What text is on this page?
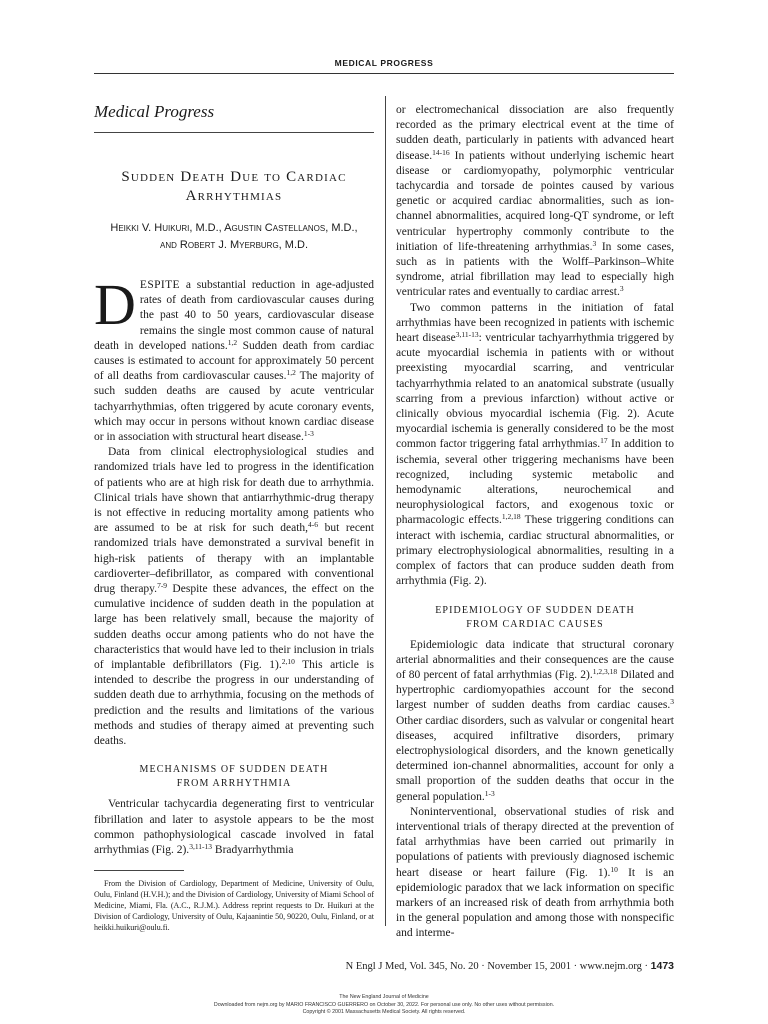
MEDICAL PROGRESS
Medical Progress
Sudden Death Due to Cardiac
Arrhythmias
Heikki V. Huikuri, M.D., Agustin Castellanos, M.D.,
and Robert J. Myerburg, M.D.

DESPITE a substantial reduction in age-adjusted rates of death from cardiovascular causes during the past 40 to 50 years, cardiovascular disease remains the single most common cause of natural death in developed nations.$^{1,2}$ Sudden death from cardiac causes is estimated to account for approximately 50 percent of all deaths from cardiovascular causes.$^{1,2}$ The majority of such sudden deaths are caused by acute ventricular tachyarrhythmias, often triggered by acute coronary events, which may occur in persons without known cardiac disease or in association with structural heart disease.$^{1-3}$

Data from clinical electrophysiological studies and randomized trials have led to progress in the identification of patients who are at high risk for death due to arrhythmia. Clinical trials have shown that antiarrhythmic-drug therapy is not effective in reducing mortality among patients who are assumed to be at risk for such death,$^{4-6}$ but recent randomized trials have demonstrated a survival benefit in high-risk patients of therapy with an implantable cardioverter–defibrillator, as compared with conventional drug therapy.$^{7-9}$ Despite these advances, the effect on the cumulative incidence of sudden death in the population at large has been relatively small, because the majority of sudden deaths occur among patients who do not have the characteristics that would have led to their inclusion in trials of implantable defibrillators (Fig. 1).$^{2,10}$ This article is intended to describe the progress in our understanding of sudden death due to arrhythmia, focusing on the methods of prediction and the results and limitations of the various methods and studies of therapy aimed at preventing such deaths.

MECHANISMS OF SUDDEN DEATH
FROM ARRHYTHMIA

Ventricular tachycardia degenerating first to ventricular fibrillation and later to asystole appears to be the most common pathophysiological cascade involved in fatal arrhythmias (Fig. 2).$^{3,11-13}$ Bradyarrhythmia

From the Division of Cardiology, Department of Medicine, University of Oulu, Oulu, Finland (H.V.H.); and the Division of Cardiology, University of Miami School of Medicine, Miami, Fla. (A.C., R.J.M.). Address reprint requests to Dr. Huikuri at the Division of Cardiology, University of Oulu, Kajaanintie 50, 90220, Oulu, Finland, or at heikki.huikuri@oulu.fi.

or electromechanical dissociation are also frequently recorded as the primary electrical event at the time of sudden death, particularly in patients with advanced heart disease.$^{14-16}$ In patients without underlying ischemic heart disease or cardiomyopathy, polymorphic ventricular tachycardia and torsade de pointes caused by various genetic or acquired cardiac abnormalities, such as ion-channel abnormalities, acquired long-QT syndrome, or left ventricular hypertrophy commonly contribute to the initiation of life-threatening arrhythmias.$^3$ In some cases, such as in patients with the Wolff–Parkinson–White syndrome, atrial fibrillation may lead to especially high ventricular rates and eventually to cardiac arrest.$^3$

Two common patterns in the initiation of fatal arrhythmias have been recognized in patients with ischemic heart disease$^{3,11-13}$: ventricular tachyarrhythmia triggered by acute myocardial ischemia in patients with or without preexisting myocardial scarring, and ventricular tachyarrhythmia related to an anatomical substrate (usually scarring from a previous infarction) without active or clinically obvious myocardial ischemia (Fig. 2). Acute myocardial ischemia is generally considered to be the most common factor triggering fatal arrhythmias.$^{17}$ In addition to ischemia, several other triggering mechanisms have been recognized, including systemic metabolic and hemodynamic alterations, neurochemical and neurophysiological factors, and exogenous toxic or pharmacologic effects.$^{1,2,18}$ These triggering conditions can interact with ischemia, cardiac structural abnormalities, or primary electrophysiological abnormalities, resulting in a complex of factors that can produce sudden death from arrhythmia (Fig. 2).

EPIDEMIOLOGY OF SUDDEN DEATH
FROM CARDIAC CAUSES

Epidemiologic data indicate that structural coronary arterial abnormalities and their consequences are the cause of 80 percent of fatal arrhythmias (Fig. 2).$^{1,2,3,18}$ Dilated and hypertrophic cardiomyopathies account for the second largest number of sudden deaths from cardiac causes.$^3$ Other cardiac disorders, such as valvular or congenital heart diseases, acquired infiltrative disorders, primary electrophysiological disorders, and the known genetically determined ion-channel abnormalities, account for only a small proportion of the sudden deaths that occur in the general population.$^{1-3}$

Noninterventional, observational studies of risk and interventional trials of therapy directed at the prevention of fatal arrhythmias have been carried out primarily in populations of patients with previously diagnosed ischemic heart disease or heart failure (Fig. 1).$^{10}$ It is an epidemiologic paradox that we lack information on specific markers of an increased risk of death from arrhythmia both in the general population and among those with nonspecific and interme-

N Engl J Med, Vol. 345, No. 20 · November 15, 2001 · www.nejm.org · 1473
The New England Journal of Medicine
Downloaded from nejm.org by MARIO FRANCISCO GUERRERO on October 30, 2022. For personal use only. No other uses without permission.
Copyright © 2001 Massachusetts Medical Society. All rights reserved.
